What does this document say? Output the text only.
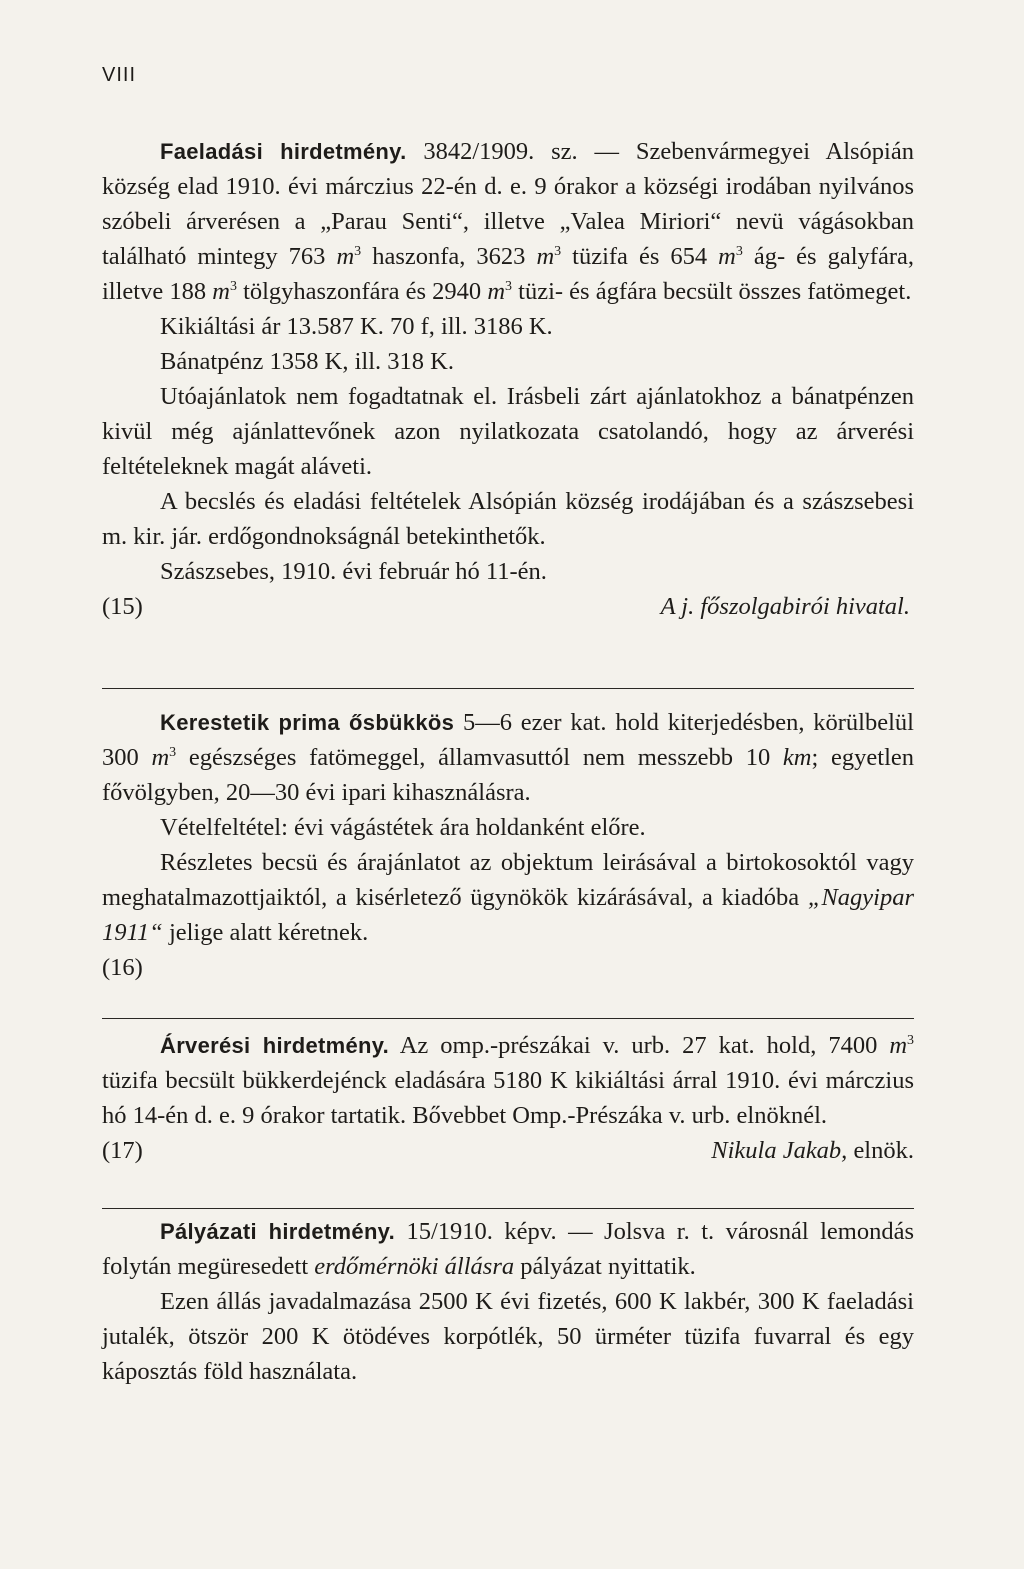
VIII

Faeladási hirdetmény. 3842/1909. sz. — Szebenvármegyei Alsópián község elad 1910. évi márczius 22-én d. e. 9 órakor a községi irodában nyilvános szóbeli árverésen a „Parau Senti“, illetve „Valea Miriori“ nevü vágásokban található mintegy 763 $m^3$ haszonfa, 3623 $m^3$ tüzifa és 654 $m^3$ ág- és galyfára, illetve 188 $m^3$ tölgyhaszonfára és 2940 $m^3$ tüzi- és ágfára becsült összes fatömeget.

Kikiáltási ár 13.587 K. 70 f, ill. 3186 K.

Bánatpénz 1358 K, ill. 318 K.

Utóajánlatok nem fogadtatnak el. Irásbeli zárt ajánlatokhoz a bánatpénzen kivül még ajánlattevőnek azon nyilatkozata csatolandó, hogy az árverési feltételeknek magát aláveti.

A becslés és eladási feltételek Alsópián község irodájában és a szászsebesi m. kir. jár. erdőgondnokságnál betekinthetők.

Szászsebes, 1910. évi február hó 11-én.

(15)	A j. főszolgabirói hivatal.

Kerestetik prima ősbükkös 5—6 ezer kat. hold kiterjedésben, körülbelül 300 $m^3$ egészséges fatömeggel, államvasuttól nem messzebb 10 km; egyetlen fővölgyben, 20—30 évi ipari kihasználásra.

Vételfeltétel: évi vágástétek ára holdanként előre.

Részletes becsü és árajánlatot az objektum leirásával a birtokosoktól vagy meghatalmazottjaiktól, a kisérletező ügynökök kizárásával, a kiadóba „Nagyipar 1911“ jelige alatt kéretnek.

(16)

Árverési hirdetmény. Az omp.-prészákai v. urb. 27 kat. hold, 7400 $m^3$ tüzifa becsült bükkerdejénck eladására 5180 K kikiáltási árral 1910. évi márczius hó 14-én d. e. 9 órakor tartatik. Bővebbet Omp.-Prészáka v. urb. elnöknél.

(17)	Nikula Jakab, elnök.

Pályázati hirdetmény. 15/1910. képv. — Jolsva r. t. városnál lemondás folytán megüresedett erdőmérnöki állásra pályázat nyittatik.

Ezen állás javadalmazása 2500 K évi fizetés, 600 K lakbér, 300 K faeladási jutalék, ötször 200 K ötödéves korpótlék, 50 ürméter tüzifa fuvarral és egy káposztás föld használata.
